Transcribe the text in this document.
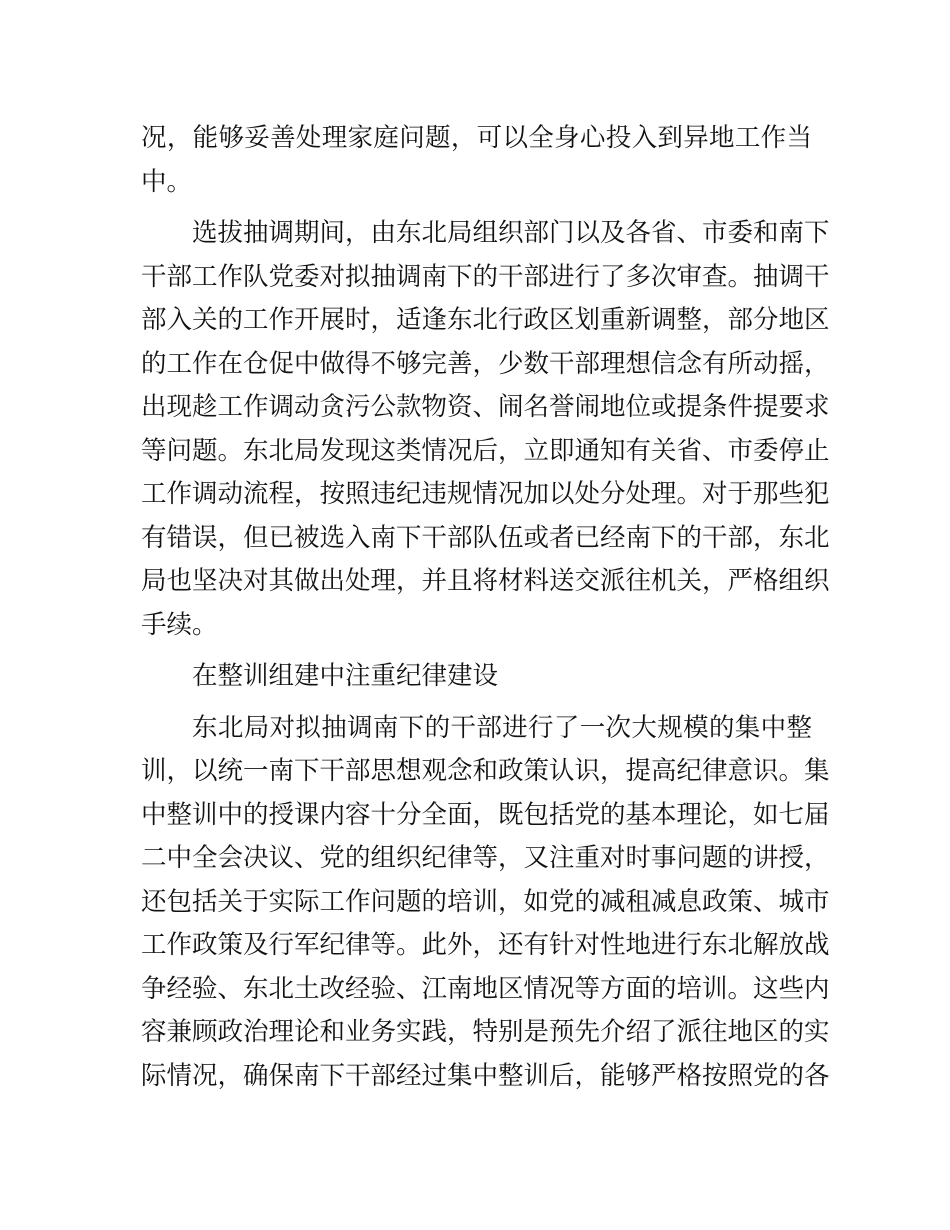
况，能够妥善处理家庭问题，可以全身心投入到异地工作当
中。
选拔抽调期间，由东北局组织部门以及各省、市委和南下
干部工作队党委对拟抽调南下的干部进行了多次审查。抽调干
部入关的工作开展时，适逢东北行政区划重新调整，部分地区
的工作在仓促中做得不够完善，少数干部理想信念有所动摇，
出现趁工作调动贪污公款物资、闹名誉闹地位或提条件提要求
等问题。东北局发现这类情况后，立即通知有关省、市委停止
工作调动流程，按照违纪违规情况加以处分处理。对于那些犯
有错误，但已被选入南下干部队伍或者已经南下的干部，东北
局也坚决对其做出处理，并且将材料送交派往机关，严格组织
手续。
在整训组建中注重纪律建设
东北局对拟抽调南下的干部进行了一次大规模的集中整
训，以统一南下干部思想观念和政策认识，提高纪律意识。集
中整训中的授课内容十分全面，既包括党的基本理论，如七届
二中全会决议、党的组织纪律等，又注重对时事问题的讲授，
还包括关于实际工作问题的培训，如党的减租减息政策、城市
工作政策及行军纪律等。此外，还有针对性地进行东北解放战
争经验、东北土改经验、江南地区情况等方面的培训。这些内
容兼顾政治理论和业务实践，特别是预先介绍了派往地区的实
际情况，确保南下干部经过集中整训后，能够严格按照党的各
